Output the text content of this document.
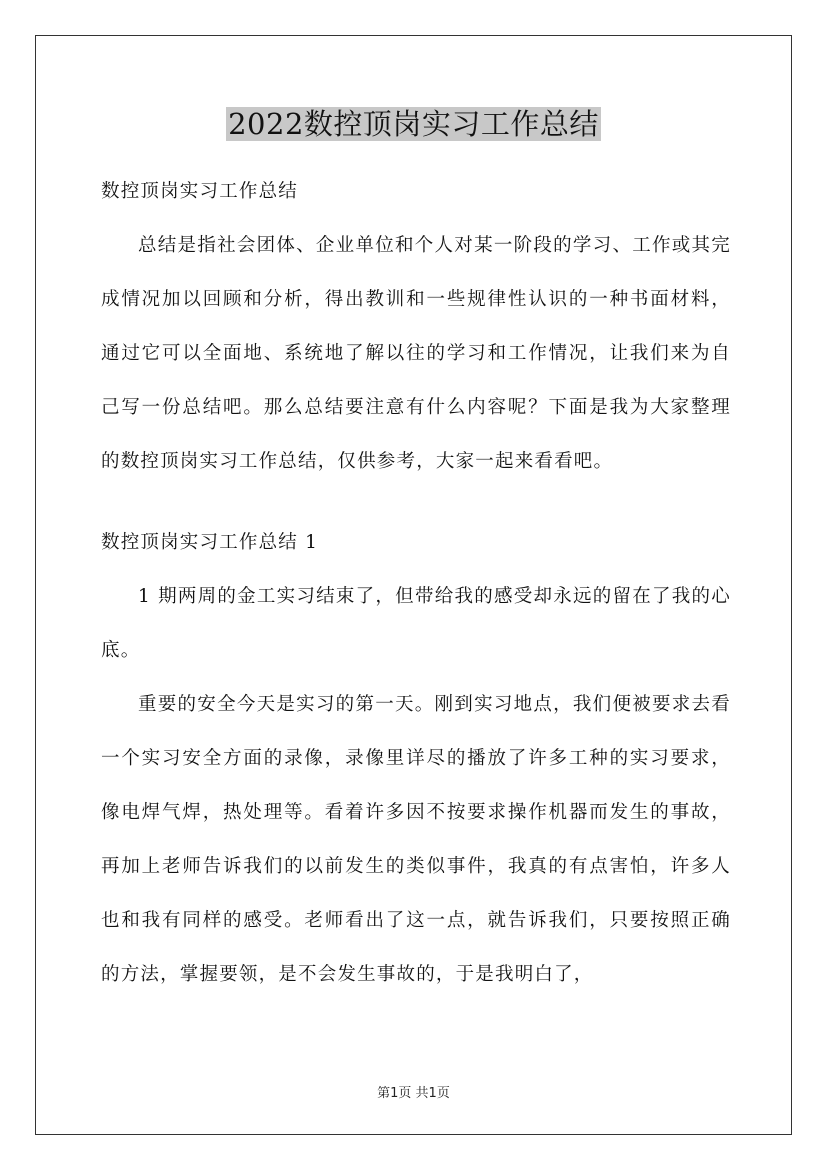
2022数控顶岗实习工作总结

数控顶岗实习工作总结

总结是指社会团体、企业单位和个人对某一阶段的学习、工作或其完成情况加以回顾和分析，得出教训和一些规律性认识的一种书面材料，通过它可以全面地、系统地了解以往的学习和工作情况，让我们来为自己写一份总结吧。那么总结要注意有什么内容呢？下面是我为大家整理的数控顶岗实习工作总结，仅供参考，大家一起来看看吧。

数控顶岗实习工作总结 1

1 期两周的金工实习结束了，但带给我的感受却永远的留在了我的心底。

重要的安全今天是实习的第一天。刚到实习地点，我们便被要求去看一个实习安全方面的录像，录像里详尽的播放了许多工种的实习要求，像电焊气焊，热处理等。看着许多因不按要求操作机器而发生的事故，再加上老师告诉我们的以前发生的类似事件，我真的有点害怕，许多人也和我有同样的感受。老师看出了这一点，就告诉我们，只要按照正确的方法，掌握要领，是不会发生事故的，于是我明白了，

第1页 共1页
